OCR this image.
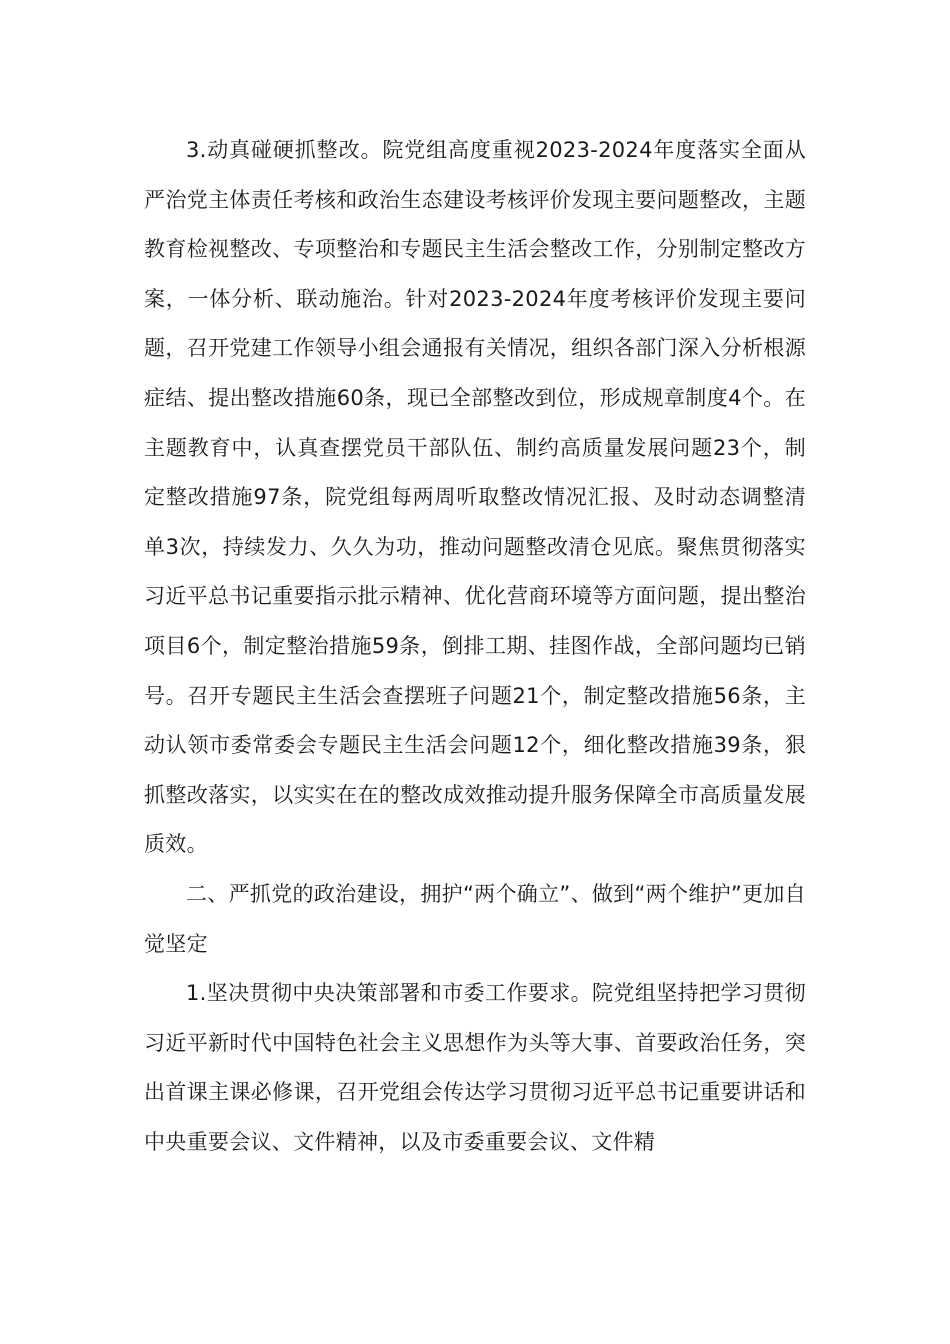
3.动真碰硬抓整改。院党组高度重视2023-2024年度落实全面从严治党主体责任考核和政治生态建设考核评价发现主要问题整改，主题教育检视整改、专项整治和专题民主生活会整改工作，分别制定整改方案，一体分析、联动施治。针对2023-2024年度考核评价发现主要问题，召开党建工作领导小组会通报有关情况，组织各部门深入分析根源症结、提出整改措施60条，现已全部整改到位，形成规章制度4个。在主题教育中，认真查摆党员干部队伍、制约高质量发展问题23个，制定整改措施97条，院党组每两周听取整改情况汇报、及时动态调整清单3次，持续发力、久久为功，推动问题整改清仓见底。聚焦贯彻落实习近平总书记重要指示批示精神、优化营商环境等方面问题，提出整治项目6个，制定整治措施59条，倒排工期、挂图作战，全部问题均已销号。召开专题民主生活会查摆班子问题21个，制定整改措施56条，主动认领市委常委会专题民主生活会问题12个，细化整改措施39条，狠抓整改落实，以实实在在的整改成效推动提升服务保障全市高质量发展质效。

二、严抓党的政治建设，拥护“两个确立”、做到“两个维护”更加自觉坚定

1.坚决贯彻中央决策部署和市委工作要求。院党组坚持把学习贯彻习近平新时代中国特色社会主义思想作为头等大事、首要政治任务，突出首课主课必修课，召开党组会传达学习贯彻习近平总书记重要讲话和中央重要会议、文件精神，以及市委重要会议、文件精
